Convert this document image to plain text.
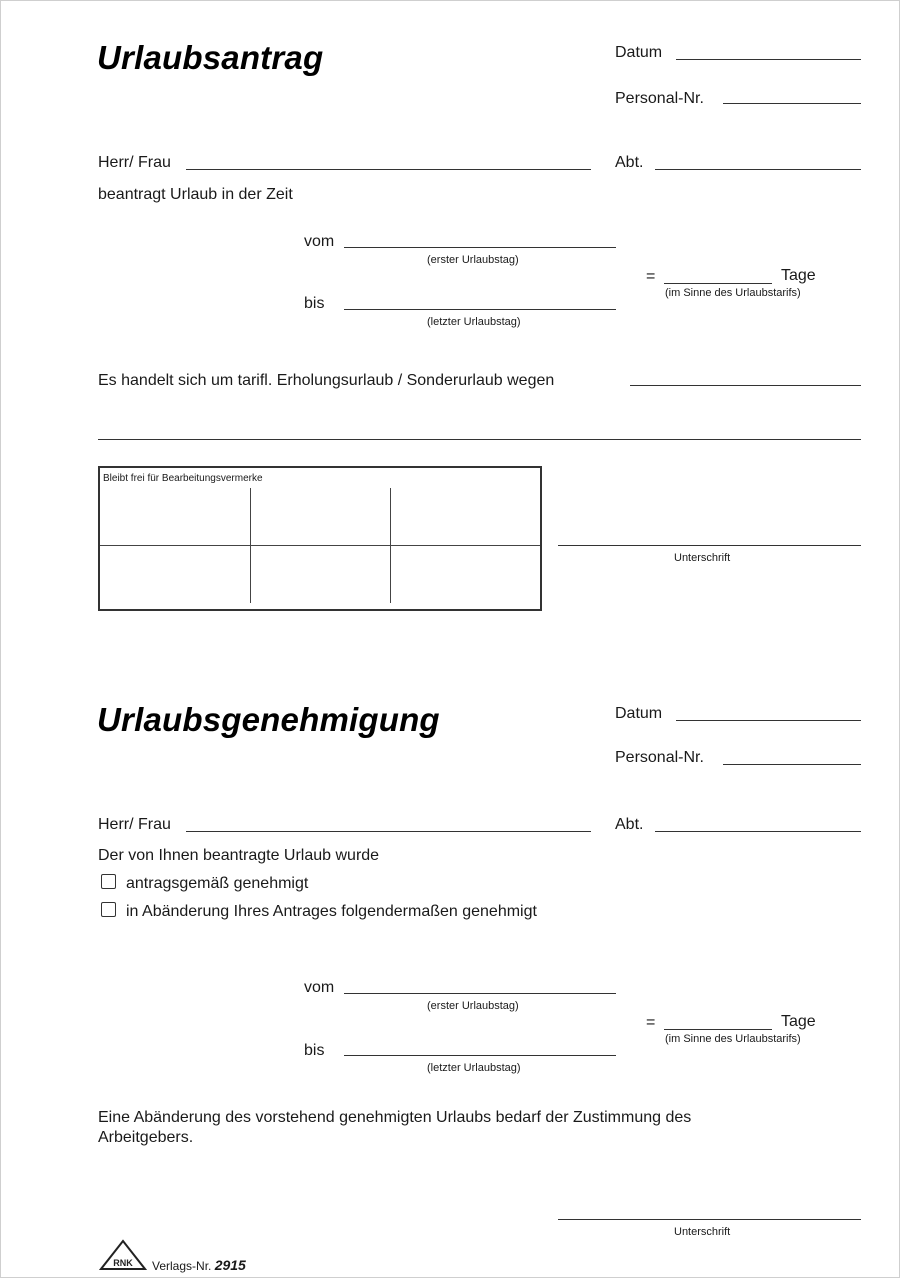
Urlaubsantrag	Datum
Personal-Nr.
Herr/ Frau	Abt.
beantragt Urlaub in der Zeit
vom
(erster Urlaubstag)
=	Tage
(im Sinne des Urlaubstarifs)
bis
(letzter Urlaubstag)
Es handelt sich um tarifl. Erholungsurlaub / Sonderurlaub wegen
Bleibt frei für Bearbeitungsvermerke
Unterschrift
Urlaubsgenehmigung	Datum
Personal-Nr.
Herr/ Frau	Abt.
Der von Ihnen beantragte Urlaub wurde
antragsgemäß genehmigt
in Abänderung Ihres Antrages folgendermaßen genehmigt
vom
(erster Urlaubstag)
=	Tage
(im Sinne des Urlaubstarifs)
bis
(letzter Urlaubstag)
Eine Abänderung des vorstehend genehmigten Urlaubs bedarf der Zustimmung des
Arbeitgebers.
Unterschrift
RNK Verlags-Nr. 2915
